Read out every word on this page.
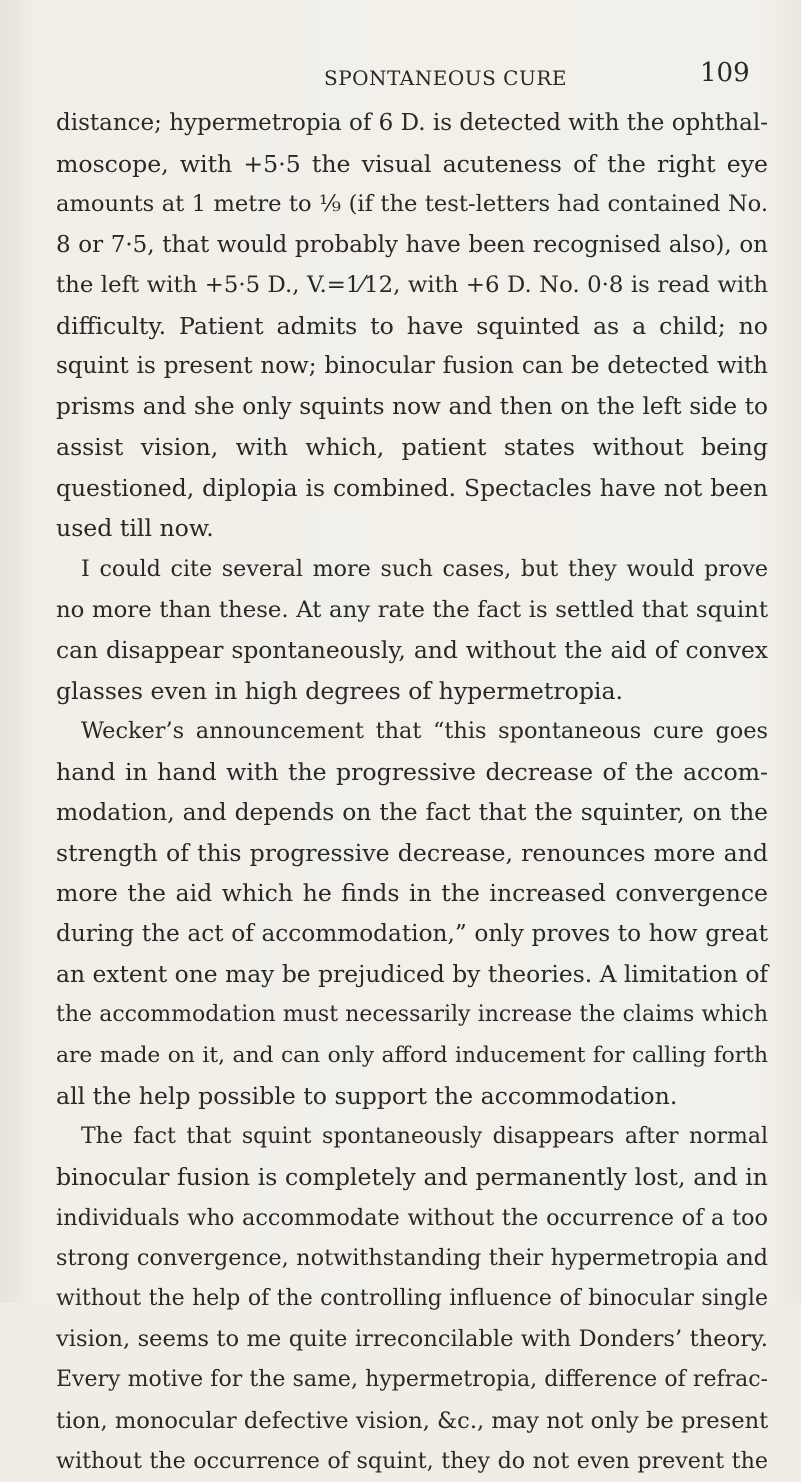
SPONTANEOUS CURE	109
distance; hypermetropia of 6 D. is detected with the ophthal-
moscope, with +5·5 the visual acuteness of the right eye
amounts at 1 metre to ⅑ (if the test-letters had contained No.
8 or 7·5, that would probably have been recognised also), on
the left with +5·5 D., V.=1⁄12, with +6 D. No. 0·8 is read with
difficulty. Patient admits to have squinted as a child; no
squint is present now; binocular fusion can be detected with
prisms and she only squints now and then on the left side to
assist vision, with which, patient states without being
questioned, diplopia is combined. Spectacles have not been
used till now.
I could cite several more such cases, but they would prove
no more than these. At any rate the fact is settled that squint
can disappear spontaneously, and without the aid of convex
glasses even in high degrees of hypermetropia.
Wecker’s announcement that “this spontaneous cure goes
hand in hand with the progressive decrease of the accom-
modation, and depends on the fact that the squinter, on the
strength of this progressive decrease, renounces more and
more the aid which he finds in the increased convergence
during the act of accommodation,” only proves to how great
an extent one may be prejudiced by theories. A limitation of
the accommodation must necessarily increase the claims which
are made on it, and can only afford inducement for calling forth
all the help possible to support the accommodation.
The fact that squint spontaneously disappears after normal
binocular fusion is completely and permanently lost, and in
individuals who accommodate without the occurrence of a too
strong convergence, notwithstanding their hypermetropia and
without the help of the controlling influence of binocular single
vision, seems to me quite irreconcilable with Donders’ theory.
Every motive for the same, hypermetropia, difference of refrac-
tion, monocular defective vision, &c., may not only be present
without the occurrence of squint, they do not even prevent the
